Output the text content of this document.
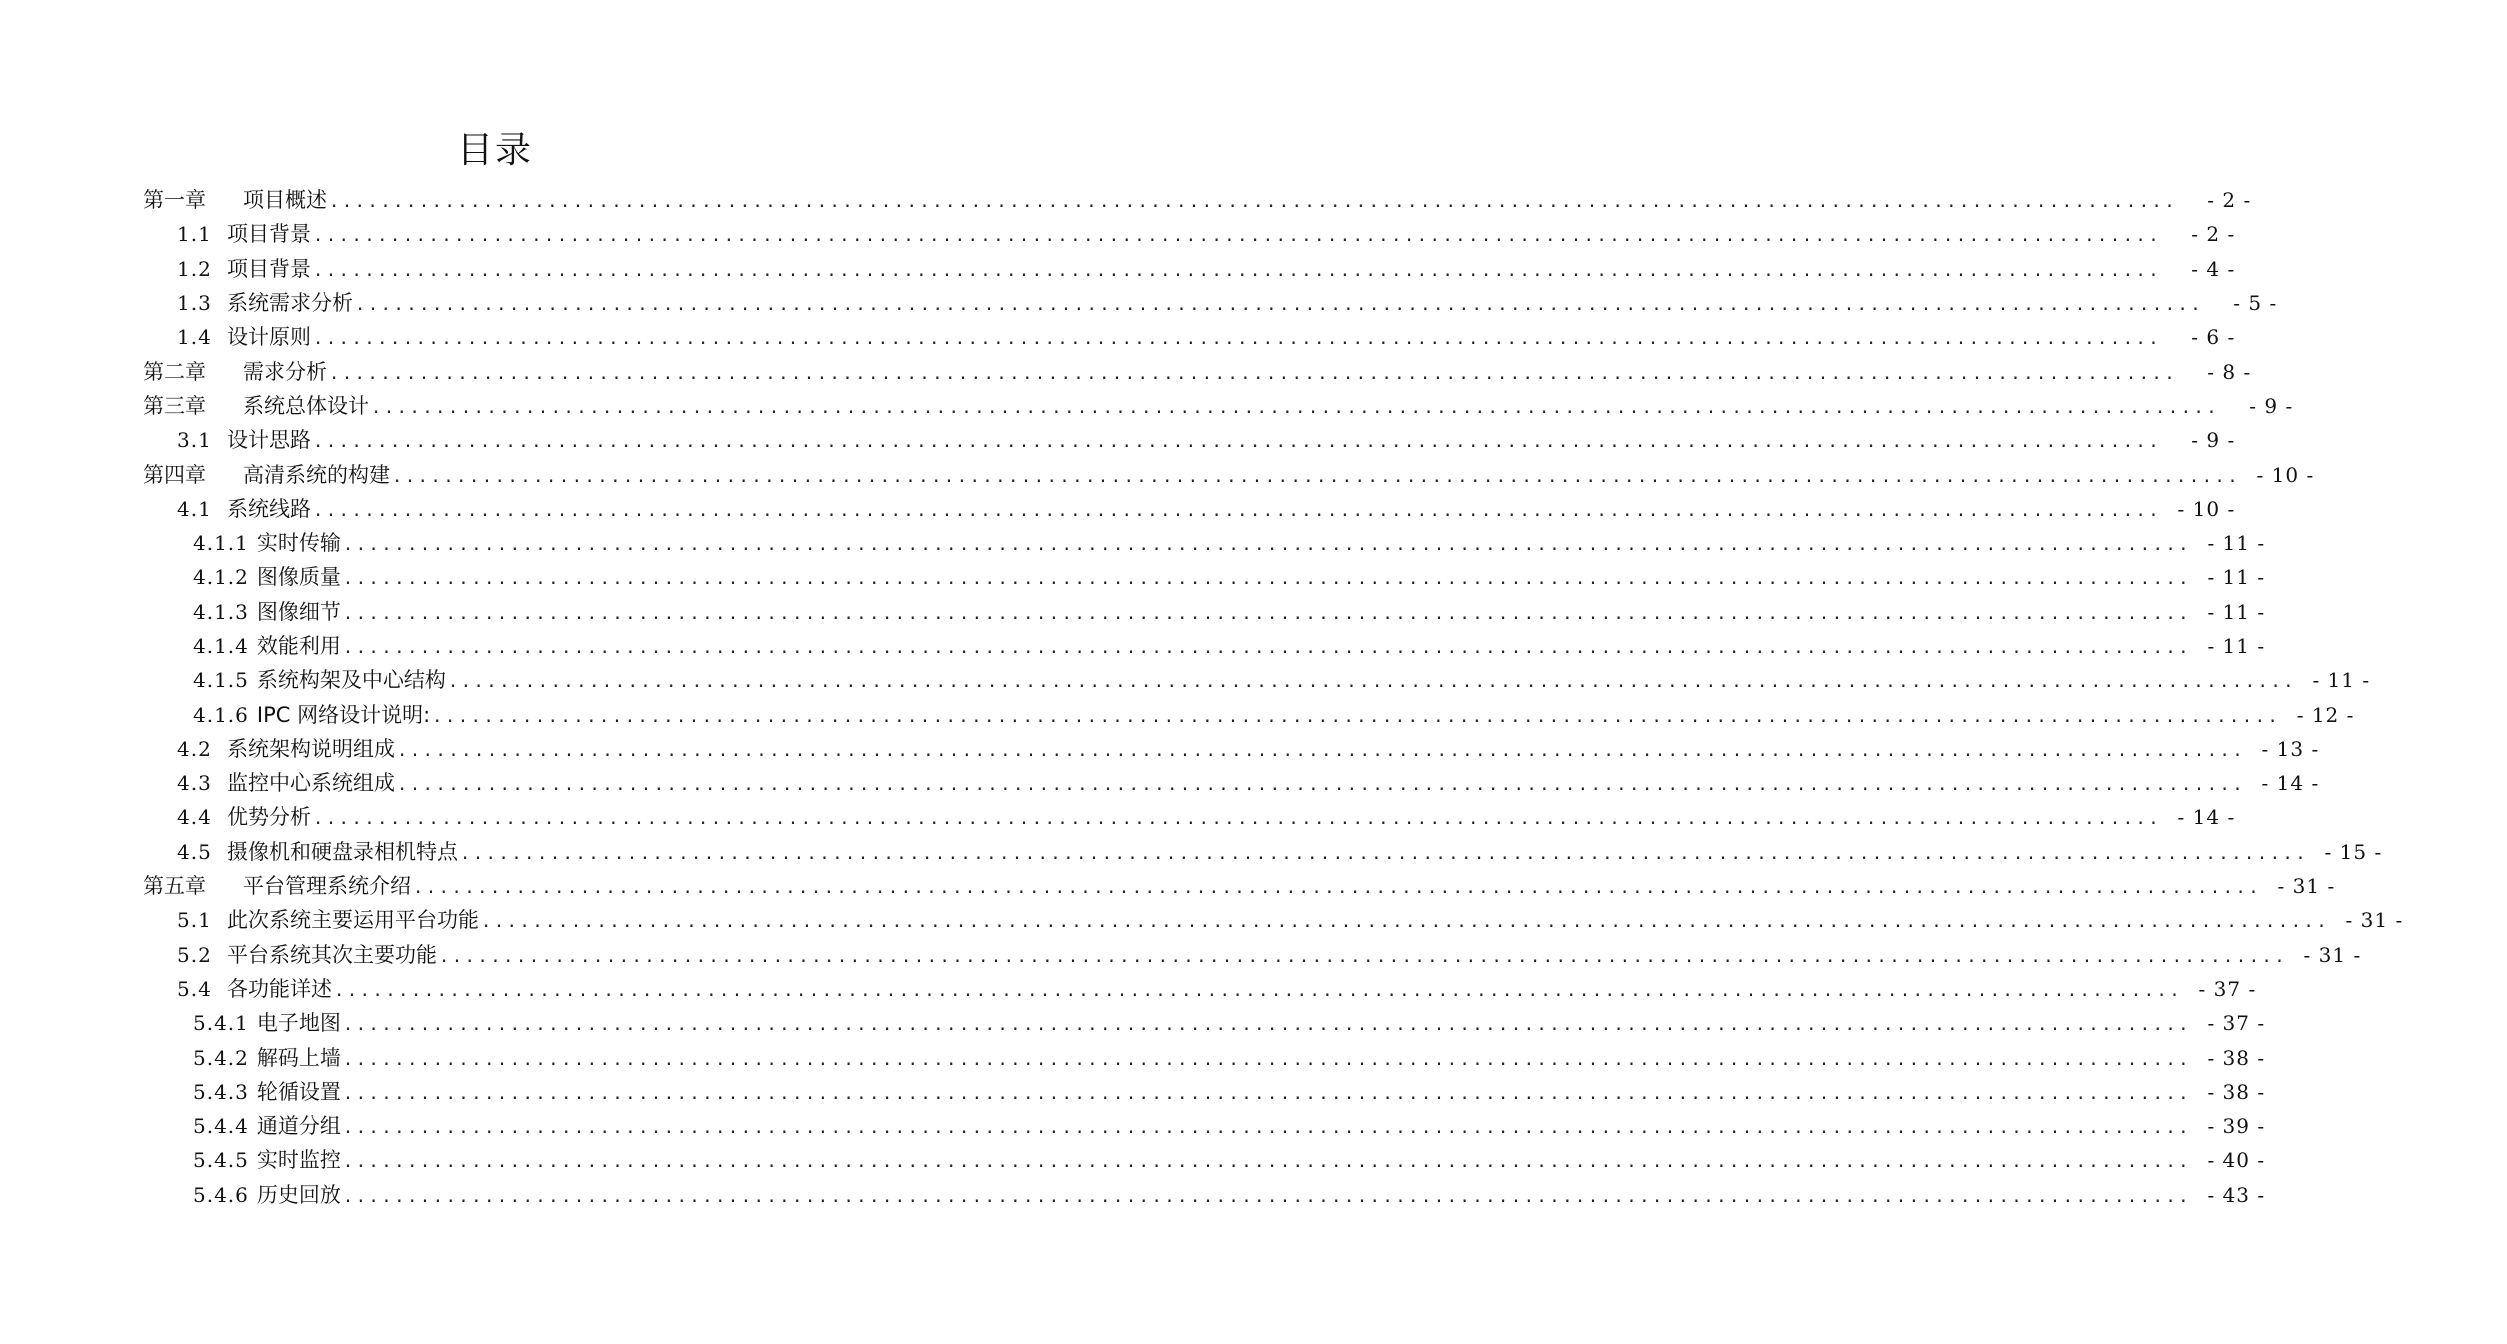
目录
第一章	项目概述 ................................................................................................................................................	- 2 -
1.1 项目背景 ................................................................................................................................................	- 2 -
1.2 项目背景 ................................................................................................................................................	- 4 -
1.3 系统需求分析 ................................................................................................................................................	- 5 -
1.4 设计原则 ................................................................................................................................................	- 6 -
第二章	需求分析 ................................................................................................................................................	- 8 -
第三章	系统总体设计 ................................................................................................................................................	- 9 -
3.1 设计思路 ................................................................................................................................................	- 9 -
第四章	高清系统的构建 ................................................................................................................................................ - 10 -
4.1 系统线路 ................................................................................................................................................ - 10 -
4.1.1 实时传输 ................................................................................................................................................ - 11 -
4.1.2 图像质量 ................................................................................................................................................ - 11 -
4.1.3 图像细节 ................................................................................................................................................ - 11 -
4.1.4 效能利用 ................................................................................................................................................ - 11 -
4.1.5 系统构架及中心结构 ................................................................................................................................................ - 11 -
4.1.6 IPC 网络设计说明: ................................................................................................................................................ - 12 -
4.2 系统架构说明组成 ................................................................................................................................................ - 13 -
4.3 监控中心系统组成 ................................................................................................................................................ - 14 -
4.4 优势分析 ................................................................................................................................................ - 14 -
4.5 摄像机和硬盘录相机特点 ................................................................................................................................................ - 15 -
第五章	平台管理系统介绍 ................................................................................................................................................ - 31 -
5.1 此次系统主要运用平台功能 ................................................................................................................................................ - 31 -
5.2 平台系统其次主要功能 ................................................................................................................................................ - 31 -
5.4 各功能详述 ................................................................................................................................................ - 37 -
5.4.1 电子地图 ................................................................................................................................................ - 37 -
5.4.2 解码上墙 ................................................................................................................................................ - 38 -
5.4.3 轮循设置 ................................................................................................................................................ - 38 -
5.4.4 通道分组 ................................................................................................................................................ - 39 -
5.4.5 实时监控 ................................................................................................................................................ - 40 -
5.4.6 历史回放 ................................................................................................................................................ - 43 -
